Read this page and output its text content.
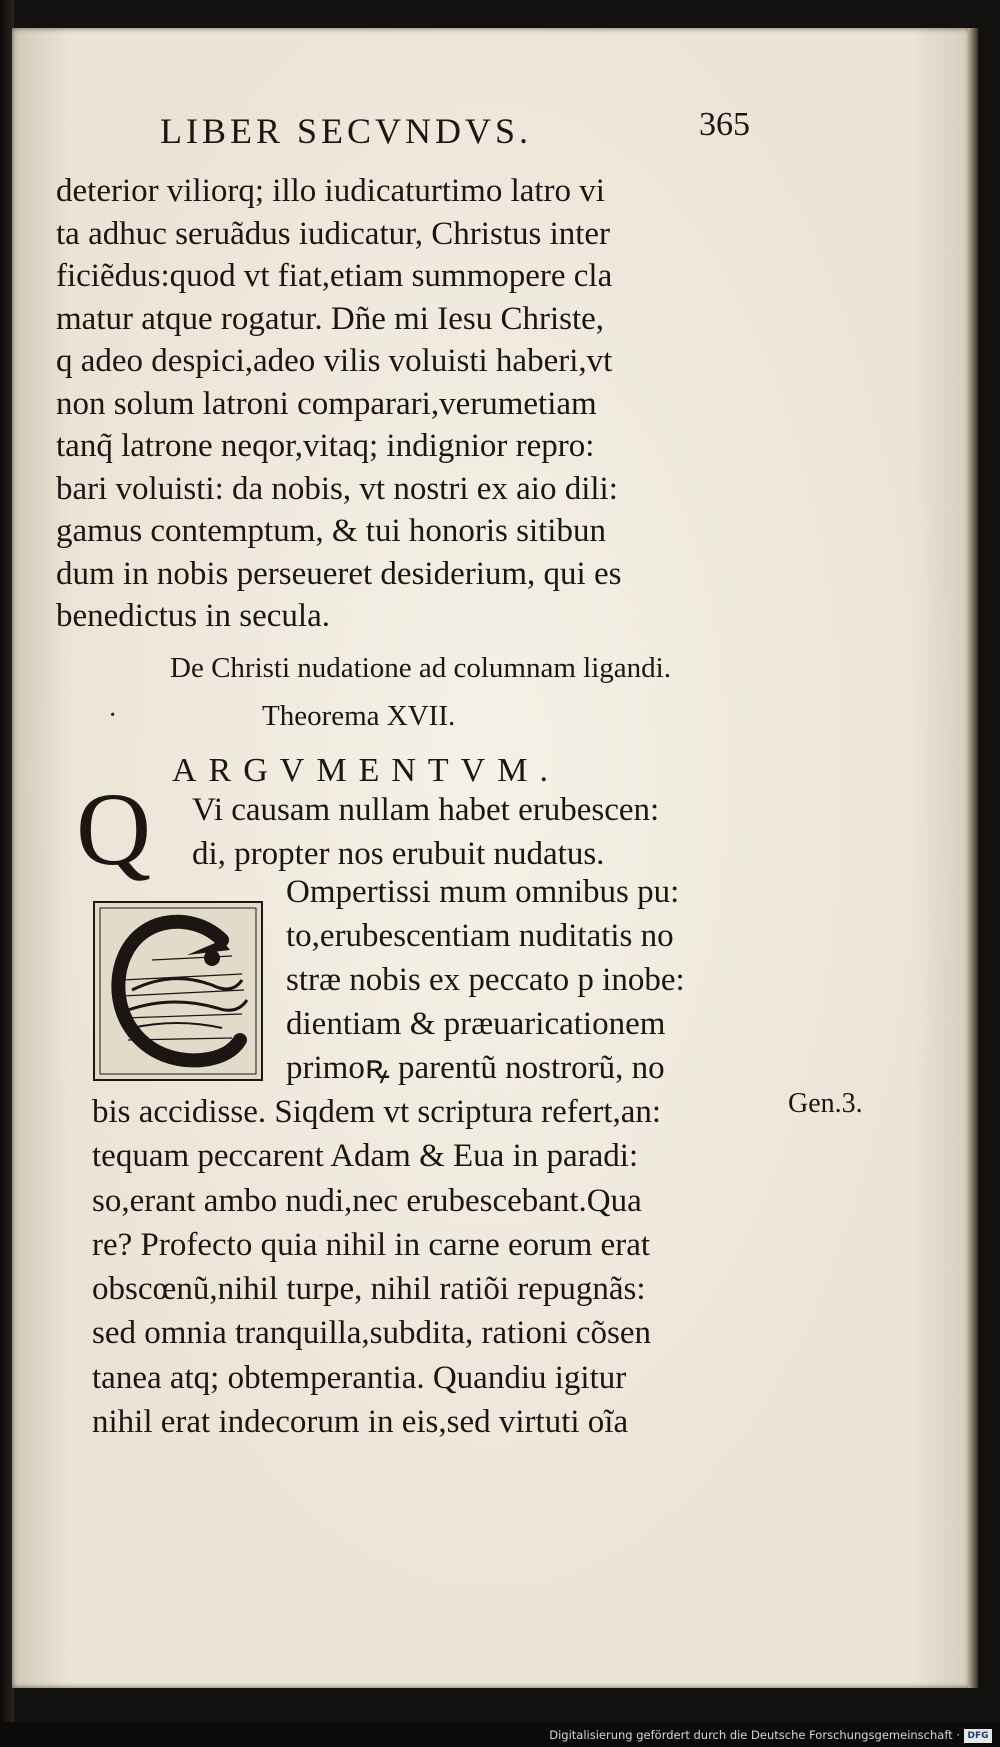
LIBER SECVNDVS.	365
deterior viliorq; illo iudicaturtimo latro vi
ta adhuc seruãdus iudicatur, Christus inter
ficiẽdus:quod vt fiat,etiam summopere cla
matur atque rogatur. Dñe mi Iesu Christe,
q adeo despici,adeo vilis voluisti haberi,vt
non solum latroni comparari,verumetiam
tanq̃ latrone neqor,vitaq; indignior repro:
bari voluisti: da nobis, vt nostri ex aio dili:
gamus contemptum, & tui honoris sitibun
dum in nobis perseueret desiderium, qui es
benedictus in secula.
De Christi nudatione ad columnam ligandi.
·	Theorema XVII.
ARGVMENTVM.
Q Vi causam nullam habet erubescen:
di, propter nos erubuit nudatus.
Ompertissi mum omnibus pu:
to,erubescentiam nuditatis no
stræ nobis ex peccato p inobe:
dientiam & præuaricationem
primoꝶ parentũ nostrorũ, no
bis accidisse. Siqdem vt scriptura refert,an:
tequam peccarent Adam & Eua in paradi:
so,erant ambo nudi,nec erubescebant.Qua
re? Profecto quia nihil in carne eorum erat
obscœnũ,nihil turpe, nihil ratiõi repugnãs:
sed omnia tranquilla,subdita, rationi cõsen
tanea atq; obtemperantia. Quandiu igitur
nihil erat indecorum in eis,sed virtuti oĩa
Gen.3.
Digitalisierung gefördert durch die Deutsche Forschungsgemeinschaft · DFG
